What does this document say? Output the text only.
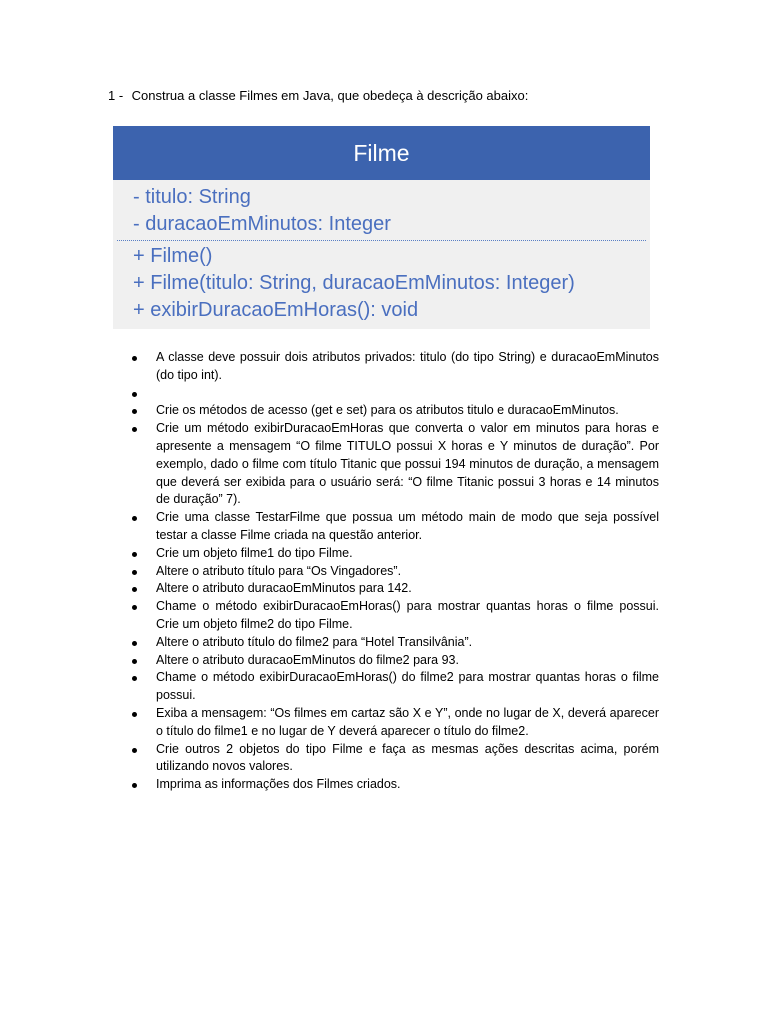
1 - Construa a classe Filmes em Java, que obedeça à descrição abaixo:
Filme
- titulo: String
- duracaoEmMinutos: Integer
+ Filme()
+ Filme(titulo: String, duracaoEmMinutos: Integer)
+ exibirDuracaoEmHoras(): void
A classe deve possuir dois atributos privados: titulo (do tipo String) e duracaoEmMinutos (do tipo int).
Crie os métodos de acesso (get e set) para os atributos titulo e duracaoEmMinutos.
Crie um método exibirDuracaoEmHoras que converta o valor em minutos para horas e apresente a mensagem “O filme TITULO possui X horas e Y minutos de duração”. Por exemplo, dado o filme com título Titanic que possui 194 minutos de duração, a mensagem que deverá ser exibida para o usuário será: “O filme Titanic possui 3 horas e 14 minutos de duração” 7).
Crie uma classe TestarFilme que possua um método main de modo que seja possível testar a classe Filme criada na questão anterior.
Crie um objeto filme1 do tipo Filme.
Altere o atributo título para “Os Vingadores”.
Altere o atributo duracaoEmMinutos para 142.
Chame o método exibirDuracaoEmHoras() para mostrar quantas horas o filme possui. Crie um objeto filme2 do tipo Filme.
Altere o atributo título do filme2 para “Hotel Transilvânia”.
Altere o atributo duracaoEmMinutos do filme2 para 93.
Chame o método exibirDuracaoEmHoras() do filme2 para mostrar quantas horas o filme possui.
Exiba a mensagem: “Os filmes em cartaz são X e Y”, onde no lugar de X, deverá aparecer o título do filme1 e no lugar de Y deverá aparecer o título do filme2.
Crie outros 2 objetos do tipo Filme e faça as mesmas ações descritas acima, porém utilizando novos valores.
Imprima as informações dos Filmes criados.
